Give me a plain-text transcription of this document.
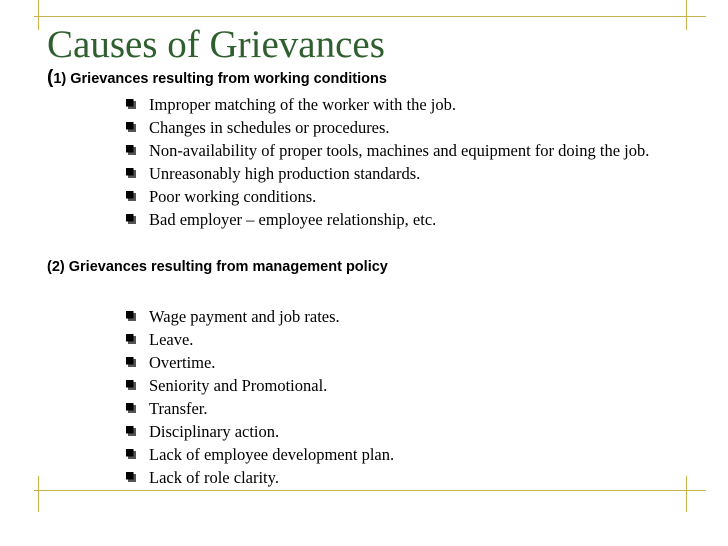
Causes of Grievances
(1) Grievances resulting from working conditions
Improper matching of the worker with the job.
Changes in schedules or procedures.
Non-availability of proper tools, machines and equipment for doing the job.
Unreasonably high production standards.
Poor working conditions.
Bad employer – employee relationship, etc.
(2) Grievances resulting from management policy
Wage payment and job rates.
Leave.
Overtime.
Seniority and Promotional.
Transfer.
Disciplinary action.
Lack of employee development plan.
Lack of role clarity.
